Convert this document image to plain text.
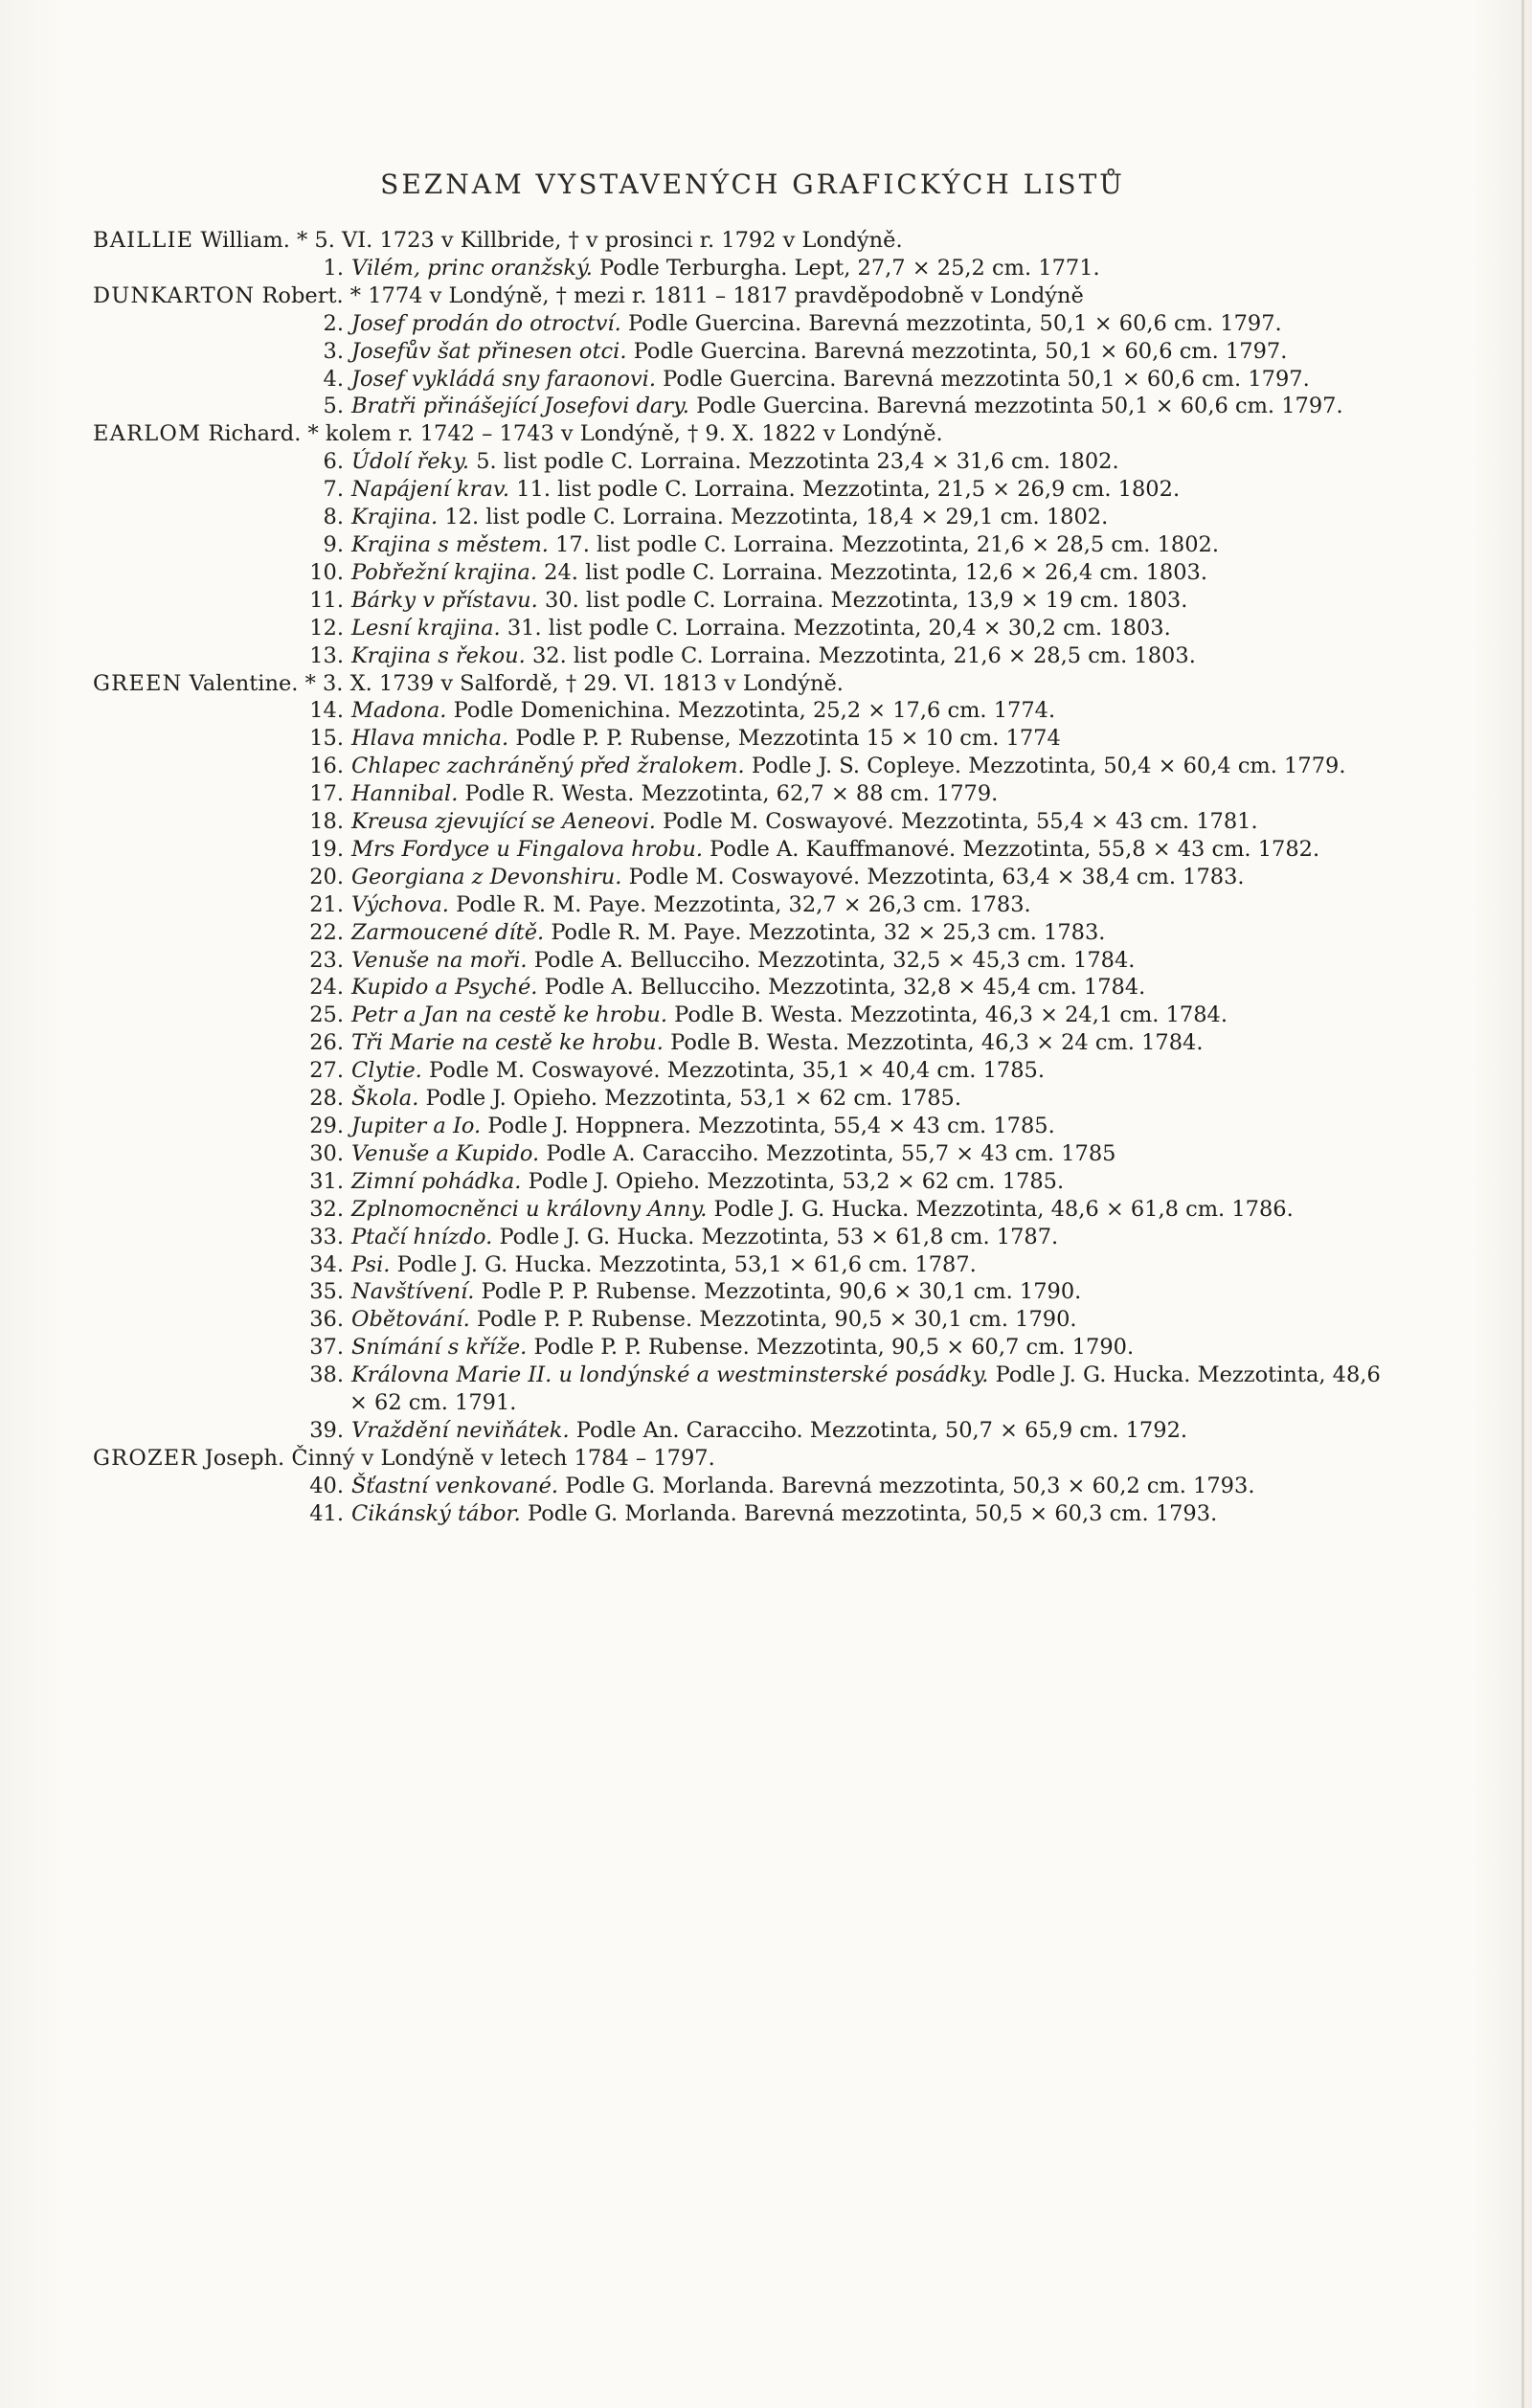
SEZNAM VYSTAVENÝCH GRAFICKÝCH LISTŮ
BAILLIE William. * 5. VI. 1723 v Killbride, † v prosinci r. 1792 v Londýně.
1. Vilém, princ oranžský. Podle Terburgha. Lept, 27,7 × 25,2 cm. 1771.
DUNKARTON Robert. * 1774 v Londýně, † mezi r. 1811 – 1817 pravděpodobně v Londýně
2. Josef prodán do otroctví. Podle Guercina. Barevná mezzotinta, 50,1 × 60,6 cm. 1797.
3. Josefův šat přinesen otci. Podle Guercina. Barevná mezzotinta, 50,1 × 60,6 cm. 1797.
4. Josef vykládá sny faraonovi. Podle Guercina. Barevná mezzotinta 50,1 × 60,6 cm. 1797.
5. Bratři přinášející Josefovi dary. Podle Guercina. Barevná mezzotinta 50,1 × 60,6 cm. 1797.
EARLOM Richard. * kolem r. 1742 – 1743 v Londýně, † 9. X. 1822 v Londýně.
6. Údolí řeky. 5. list podle C. Lorraina. Mezzotinta 23,4 × 31,6 cm. 1802.
7. Napájení krav. 11. list podle C. Lorraina. Mezzotinta, 21,5 × 26,9 cm. 1802.
8. Krajina. 12. list podle C. Lorraina. Mezzotinta, 18,4 × 29,1 cm. 1802.
9. Krajina s městem. 17. list podle C. Lorraina. Mezzotinta, 21,6 × 28,5 cm. 1802.
10. Pobřežní krajina. 24. list podle C. Lorraina. Mezzotinta, 12,6 × 26,4 cm. 1803.
11. Bárky v přístavu. 30. list podle C. Lorraina. Mezzotinta, 13,9 × 19 cm. 1803.
12. Lesní krajina. 31. list podle C. Lorraina. Mezzotinta, 20,4 × 30,2 cm. 1803.
13. Krajina s řekou. 32. list podle C. Lorraina. Mezzotinta, 21,6 × 28,5 cm. 1803.
GREEN Valentine. * 3. X. 1739 v Salfordě, † 29. VI. 1813 v Londýně.
14. Madona. Podle Domenichina. Mezzotinta, 25,2 × 17,6 cm. 1774.
15. Hlava mnicha. Podle P. P. Rubense, Mezzotinta 15 × 10 cm. 1774
16. Chlapec zachráněný před žralokem. Podle J. S. Copleye. Mezzotinta, 50,4 × 60,4 cm. 1779.
17. Hannibal. Podle R. Westa. Mezzotinta, 62,7 × 88 cm. 1779.
18. Kreusa zjevující se Aeneovi. Podle M. Coswayové. Mezzotinta, 55,4 × 43 cm. 1781.
19. Mrs Fordyce u Fingalova hrobu. Podle A. Kauffmanové. Mezzotinta, 55,8 × 43 cm. 1782.
20. Georgiana z Devonshiru. Podle M. Coswayové. Mezzotinta, 63,4 × 38,4 cm. 1783.
21. Výchova. Podle R. M. Paye. Mezzotinta, 32,7 × 26,3 cm. 1783.
22. Zarmoucené dítě. Podle R. M. Paye. Mezzotinta, 32 × 25,3 cm. 1783.
23. Venuše na moři. Podle A. Bellucciho. Mezzotinta, 32,5 × 45,3 cm. 1784.
24. Kupido a Psyché. Podle A. Bellucciho. Mezzotinta, 32,8 × 45,4 cm. 1784.
25. Petr a Jan na cestě ke hrobu. Podle B. Westa. Mezzotinta, 46,3 × 24,1 cm. 1784.
26. Tři Marie na cestě ke hrobu. Podle B. Westa. Mezzotinta, 46,3 × 24 cm. 1784.
27. Clytie. Podle M. Coswayové. Mezzotinta, 35,1 × 40,4 cm. 1785.
28. Škola. Podle J. Opieho. Mezzotinta, 53,1 × 62 cm. 1785.
29. Jupiter a Io. Podle J. Hoppnera. Mezzotinta, 55,4 × 43 cm. 1785.
30. Venuše a Kupido. Podle A. Caracciho. Mezzotinta, 55,7 × 43 cm. 1785
31. Zimní pohádka. Podle J. Opieho. Mezzotinta, 53,2 × 62 cm. 1785.
32. Zplnomocněnci u královny Anny. Podle J. G. Hucka. Mezzotinta, 48,6 × 61,8 cm. 1786.
33. Ptačí hnízdo. Podle J. G. Hucka. Mezzotinta, 53 × 61,8 cm. 1787.
34. Psi. Podle J. G. Hucka. Mezzotinta, 53,1 × 61,6 cm. 1787.
35. Navštívení. Podle P. P. Rubense. Mezzotinta, 90,6 × 30,1 cm. 1790.
36. Obětování. Podle P. P. Rubense. Mezzotinta, 90,5 × 30,1 cm. 1790.
37. Snímání s kříže. Podle P. P. Rubense. Mezzotinta, 90,5 × 60,7 cm. 1790.
38. Královna Marie II. u londýnské a westminsterské posádky. Podle J. G. Hucka. Mezzotinta, 48,6 × 62 cm. 1791.
39. Vraždění neviňátek. Podle An. Caracciho. Mezzotinta, 50,7 × 65,9 cm. 1792.
GROZER Joseph. Činný v Londýně v letech 1784 – 1797.
40. Šťastní venkované. Podle G. Morlanda. Barevná mezzotinta, 50,3 × 60,2 cm. 1793.
41. Cikánský tábor. Podle G. Morlanda. Barevná mezzotinta, 50,5 × 60,3 cm. 1793.
